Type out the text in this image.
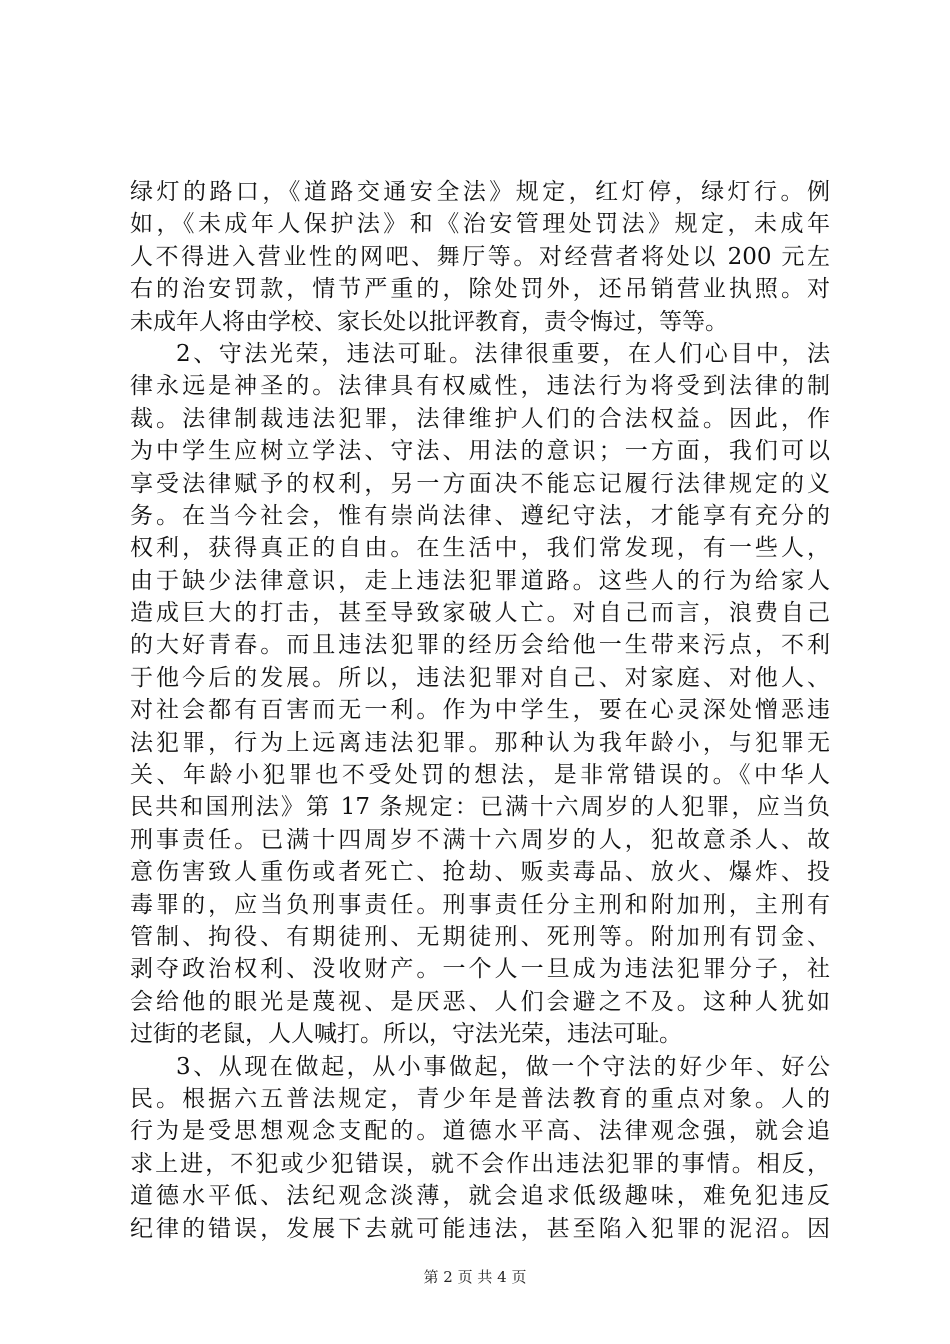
绿灯的路口，《道路交通安全法》规定，红灯停，绿灯行。例
如，《未成年人保护法》和《治安管理处罚法》规定，未成年
人不得进入营业性的网吧、舞厅等。对经营者将处以 200 元左
右的治安罚款，情节严重的，除处罚外，还吊销营业执照。对
未成年人将由学校、家长处以批评教育，责令悔过，等等。
2、守法光荣，违法可耻。法律很重要，在人们心目中，法
律永远是神圣的。法律具有权威性，违法行为将受到法律的制
裁。法律制裁违法犯罪，法律维护人们的合法权益。因此，作
为中学生应树立学法、守法、用法的意识；一方面，我们可以
享受法律赋予的权利，另一方面决不能忘记履行法律规定的义
务。在当今社会，惟有崇尚法律、遵纪守法，才能享有充分的
权利，获得真正的自由。在生活中，我们常发现，有一些人，
由于缺少法律意识，走上违法犯罪道路。这些人的行为给家人
造成巨大的打击，甚至导致家破人亡。对自己而言，浪费自己
的大好青春。而且违法犯罪的经历会给他一生带来污点，不利
于他今后的发展。所以，违法犯罪对自己、对家庭、对他人、
对社会都有百害而无一利。作为中学生，要在心灵深处憎恶违
法犯罪，行为上远离违法犯罪。那种认为我年龄小，与犯罪无
关、年龄小犯罪也不受处罚的想法，是非常错误的。《中华人
民共和国刑法》第 17 条规定：已满十六周岁的人犯罪，应当负
刑事责任。已满十四周岁不满十六周岁的人，犯故意杀人、故
意伤害致人重伤或者死亡、抢劫、贩卖毒品、放火、爆炸、投
毒罪的，应当负刑事责任。刑事责任分主刑和附加刑，主刑有
管制、拘役、有期徒刑、无期徒刑、死刑等。附加刑有罚金、
剥夺政治权利、没收财产。一个人一旦成为违法犯罪分子，社
会给他的眼光是蔑视、是厌恶、人们会避之不及。这种人犹如
过街的老鼠，人人喊打。所以，守法光荣，违法可耻。
3、从现在做起，从小事做起，做一个守法的好少年、好公
民。根据六五普法规定，青少年是普法教育的重点对象。人的
行为是受思想观念支配的。道德水平高、法律观念强，就会追
求上进，不犯或少犯错误，就不会作出违法犯罪的事情。相反，
道德水平低、法纪观念淡薄，就会追求低级趣味，难免犯违反
纪律的错误，发展下去就可能违法，甚至陷入犯罪的泥沼。因
第 2 页 共 4 页
